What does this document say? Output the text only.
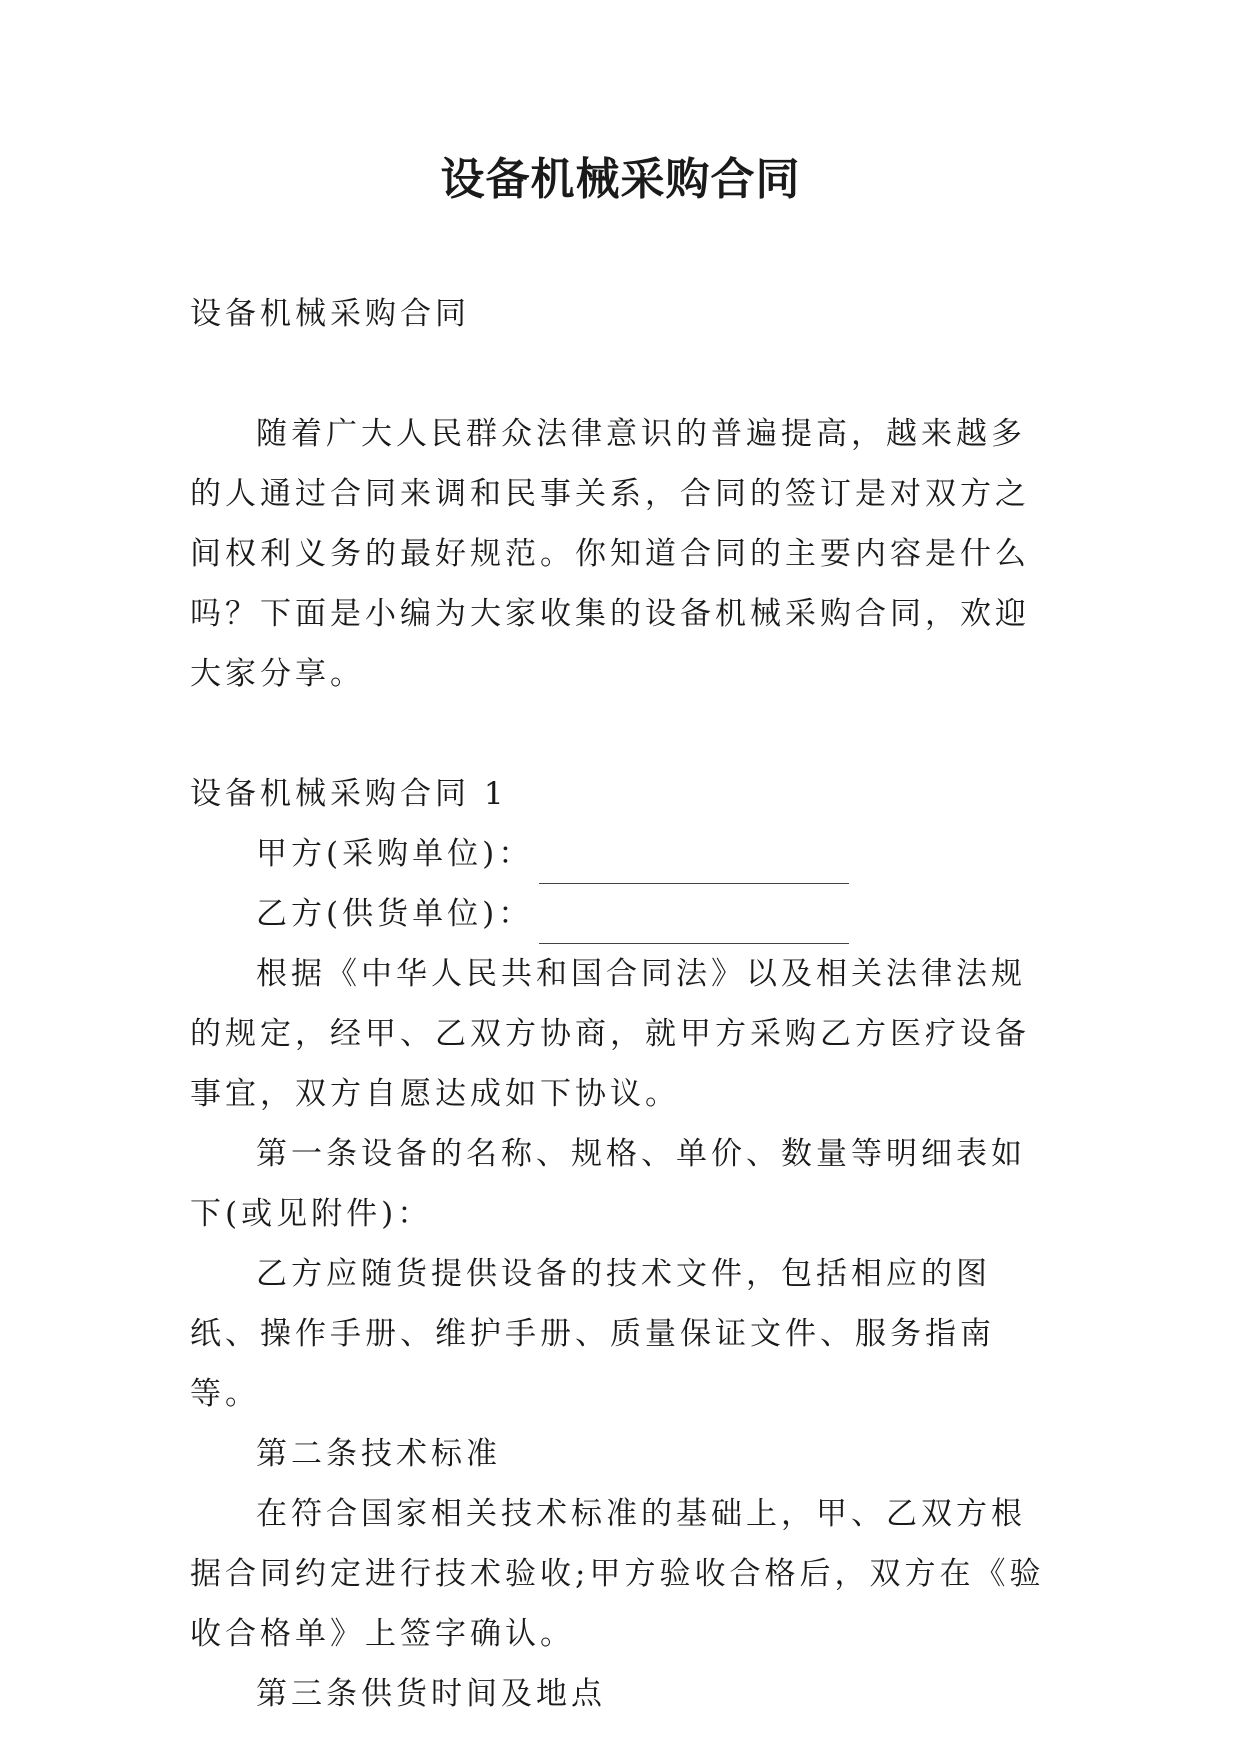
设备机械采购合同

设备机械采购合同

随着广大人民群众法律意识的普遍提高，越来越多的人通过合同来调和民事关系，合同的签订是对双方之间权利义务的最好规范。你知道合同的主要内容是什么吗？下面是小编为大家收集的设备机械采购合同，欢迎大家分享。

设备机械采购合同 1

甲方(采购单位)：

乙方(供货单位)：

根据《中华人民共和国合同法》以及相关法律法规的规定，经甲、乙双方协商，就甲方采购乙方医疗设备事宜，双方自愿达成如下协议。

第一条设备的名称、规格、单价、数量等明细表如下(或见附件)：

乙方应随货提供设备的技术文件，包括相应的图纸、操作手册、维护手册、质量保证文件、服务指南等。

第二条技术标准

在符合国家相关技术标准的基础上，甲、乙双方根据合同约定进行技术验收;甲方验收合格后，双方在《验收合格单》上签字确认。

第三条供货时间及地点
